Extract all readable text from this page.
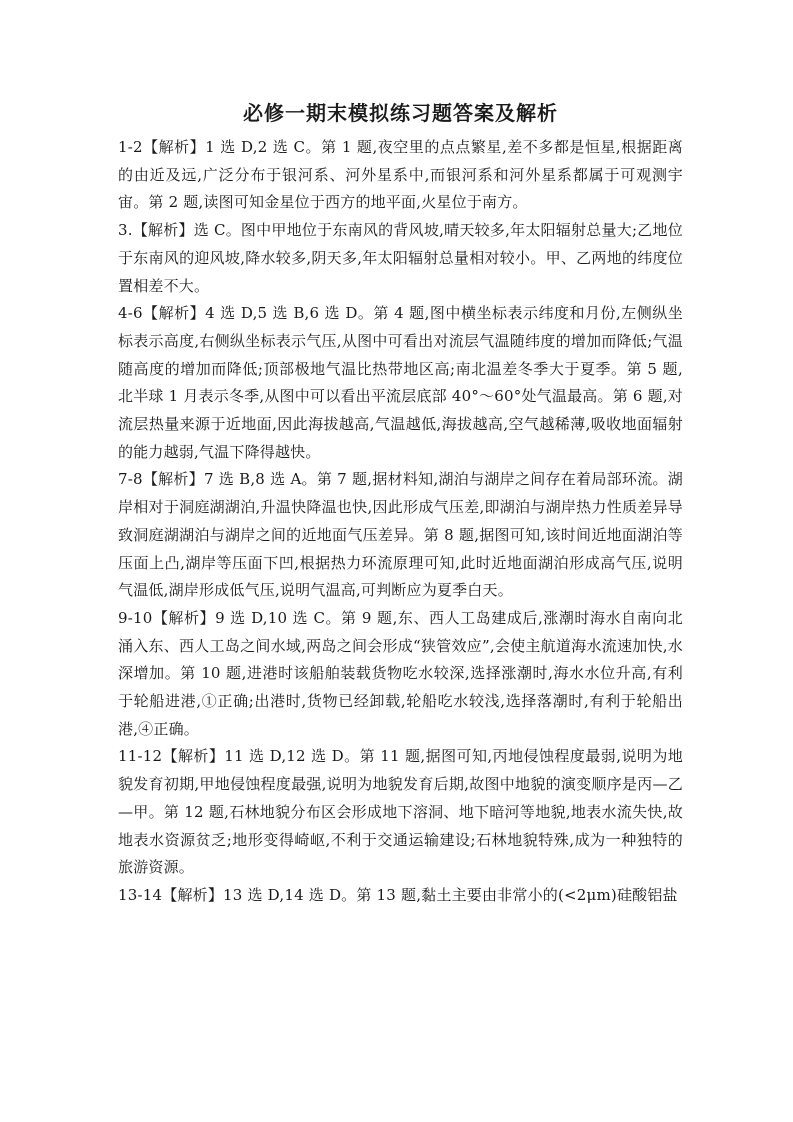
必修一期末模拟练习题答案及解析

1-2【解析】1 选 D,2 选 C。第 1 题,夜空里的点点繁星,差不多都是恒星,根据距离的由近及远,广泛分布于银河系、河外星系中,而银河系和河外星系都属于可观测宇宙。第 2 题,读图可知金星位于西方的地平面,火星位于南方。

3.【解析】选 C。图中甲地位于东南风的背风坡,晴天较多,年太阳辐射总量大;乙地位于东南风的迎风坡,降水较多,阴天多,年太阳辐射总量相对较小。甲、乙两地的纬度位置相差不大。

4-6【解析】4 选 D,5 选 B,6 选 D。第 4 题,图中横坐标表示纬度和月份,左侧纵坐标表示高度,右侧纵坐标表示气压,从图中可看出对流层气温随纬度的增加而降低;气温随高度的增加而降低;顶部极地气温比热带地区高;南北温差冬季大于夏季。第 5 题,北半球 1 月表示冬季,从图中可以看出平流层底部 40°～60°处气温最高。第 6 题,对流层热量来源于近地面,因此海拔越高,气温越低,海拔越高,空气越稀薄,吸收地面辐射的能力越弱,气温下降得越快。

7-8【解析】7 选 B,8 选 A。第 7 题,据材料知,湖泊与湖岸之间存在着局部环流。湖岸相对于洞庭湖湖泊,升温快降温也快,因此形成气压差,即湖泊与湖岸热力性质差异导致洞庭湖湖泊与湖岸之间的近地面气压差异。第 8 题,据图可知,该时间近地面湖泊等压面上凸,湖岸等压面下凹,根据热力环流原理可知,此时近地面湖泊形成高气压,说明气温低,湖岸形成低气压,说明气温高,可判断应为夏季白天。

9-10【解析】9 选 D,10 选 C。第 9 题,东、西人工岛建成后,涨潮时海水自南向北涌入东、西人工岛之间水域,两岛之间会形成“狭管效应”,会使主航道海水流速加快,水深增加。第 10 题,进港时该船舶装载货物吃水较深,选择涨潮时,海水水位升高,有利于轮船进港,①正确;出港时,货物已经卸载,轮船吃水较浅,选择落潮时,有利于轮船出港,④正确。

11-12【解析】11 选 D,12 选 D。第 11 题,据图可知,丙地侵蚀程度最弱,说明为地貌发育初期,甲地侵蚀程度最强,说明为地貌发育后期,故图中地貌的演变顺序是丙—乙—甲。第 12 题,石林地貌分布区会形成地下溶洞、地下暗河等地貌,地表水流失快,故地表水资源贫乏;地形变得崎岖,不利于交通运输建设;石林地貌特殊,成为一种独特的旅游资源。

13-14【解析】13 选 D,14 选 D。第 13 题,黏土主要由非常小的(<2μm)硅酸铝盐
